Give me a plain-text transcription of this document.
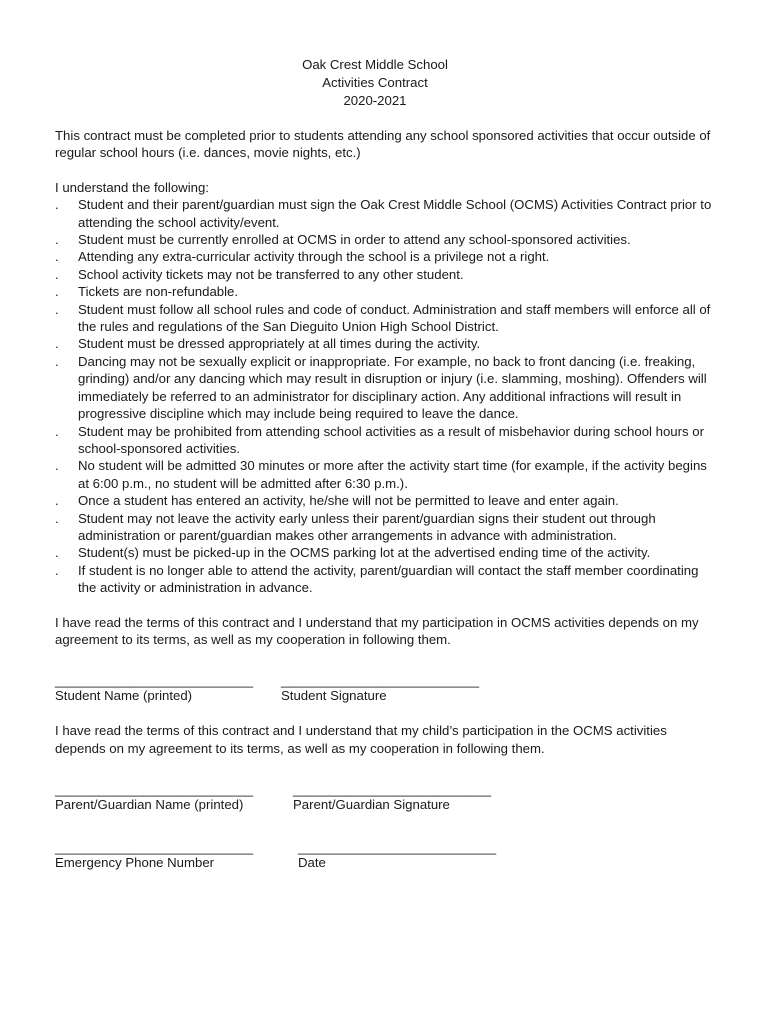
Oak Crest Middle School
Activities Contract
2020-2021
This contract must be completed prior to students attending any school sponsored activities that occur outside of regular school hours (i.e. dances, movie nights, etc.)
I understand the following:
. Student and their parent/guardian must sign the Oak Crest Middle School (OCMS) Activities Contract prior to attending the school activity/event.
. Student must be currently enrolled at OCMS in order to attend any school-sponsored activities.
. Attending any extra-curricular activity through the school is a privilege not a right.
. School activity tickets may not be transferred to any other student.
. Tickets are non-refundable.
. Student must follow all school rules and code of conduct. Administration and staff members will enforce all of the rules and regulations of the San Dieguito Union High School District.
. Student must be dressed appropriately at all times during the activity.
. Dancing may not be sexually explicit or inappropriate. For example, no back to front dancing (i.e. freaking, grinding) and/or any dancing which may result in disruption or injury (i.e. slamming, moshing). Offenders will immediately be referred to an administrator for disciplinary action. Any additional infractions will result in progressive discipline which may include being required to leave the dance.
. Student may be prohibited from attending school activities as a result of misbehavior during school hours or school-sponsored activities.
. No student will be admitted 30 minutes or more after the activity start time (for example, if the activity begins at 6:00 p.m., no student will be admitted after 6:30 p.m.).
. Once a student has entered an activity, he/she will not be permitted to leave and enter again.
. Student may not leave the activity early unless their parent/guardian signs their student out through administration or parent/guardian makes other arrangements in advance with administration.
. Student(s) must be picked-up in the OCMS parking lot at the advertised ending time of the activity.
. If student is no longer able to attend the activity, parent/guardian will contact the staff member coordinating the activity or administration in advance.
I have read the terms of this contract and I understand that my participation in OCMS activities depends on my agreement to its terms, as well as my cooperation in following them.
___________________________
Student Name (printed)
___________________________
Student Signature
I have read the terms of this contract and I understand that my child’s participation in the OCMS activities depends on my agreement to its terms, as well as my cooperation in following them.
___________________________
Parent/Guardian Name (printed)
___________________________
Parent/Guardian Signature
___________________________
Emergency Phone Number
___________________________
Date
